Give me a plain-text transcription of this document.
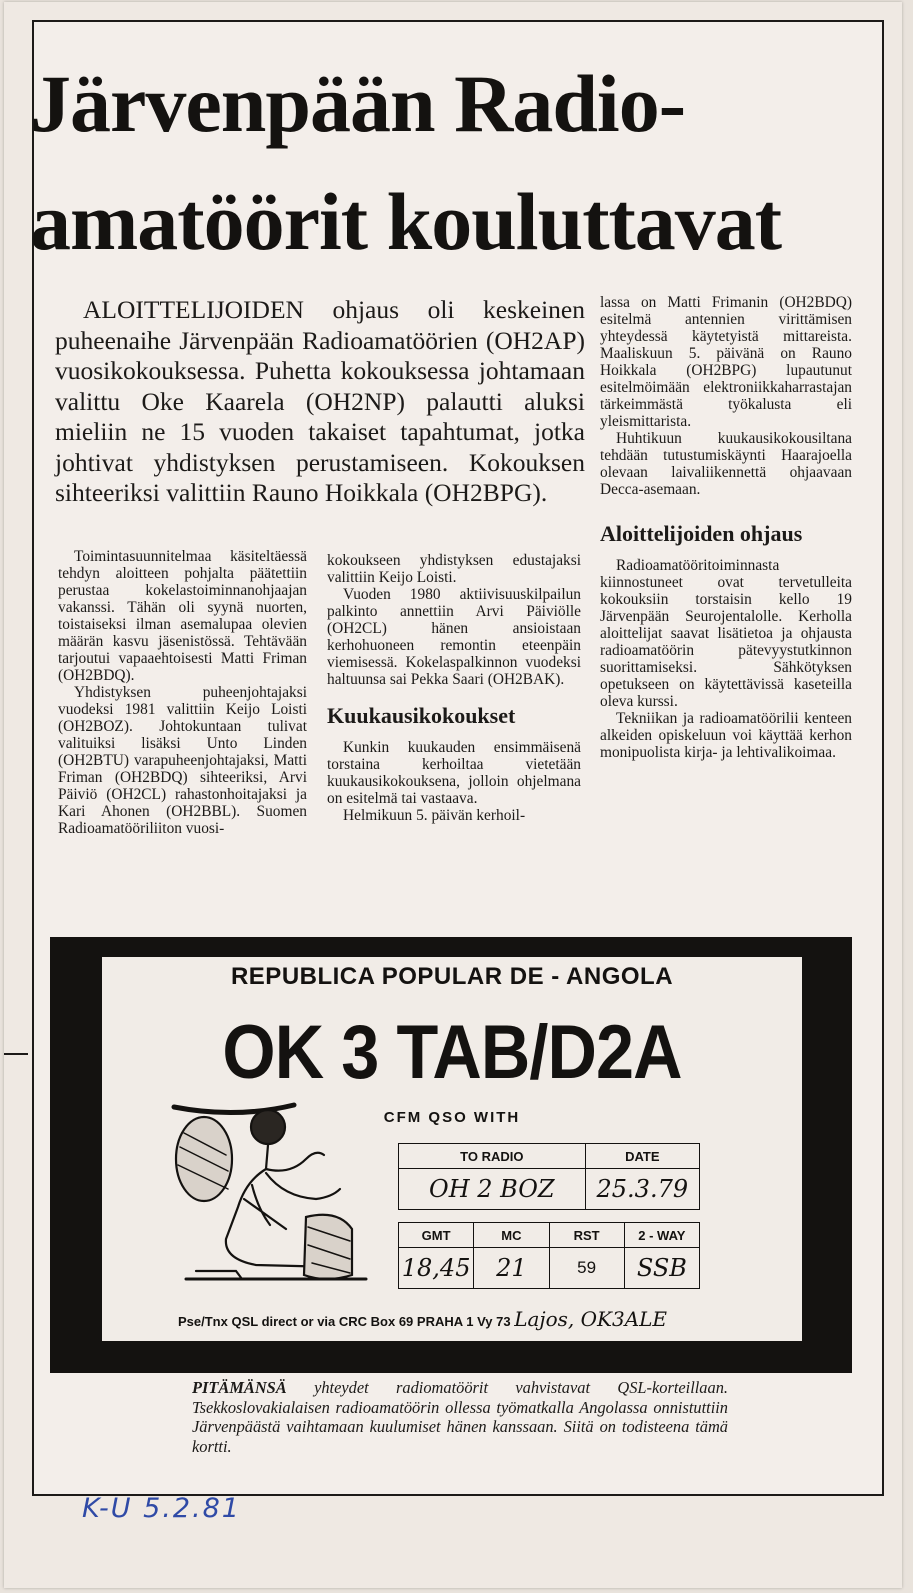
Järvenpään Radio-
amatöörit kouluttavat

ALOITTELIJOIDEN ohjaus oli keskeinen puheenaihe Järvenpään Radioamatöörien (OH2AP) vuosikokouksessa. Puhetta kokouksessa johtamaan valittu Oke Kaarela (OH2NP) palautti aluksi mieliin ne 15 vuoden takaiset tapahtumat, jotka johtivat yhdistyksen perustamiseen. Kokouksen sihteeriksi valittiin Rauno Hoikkala (OH2BPG).

Toimintasuunnitelmaa käsiteltäessä tehdyn aloitteen pohjalta päätettiin perustaa kokelastoiminnanohjaajan vakanssi. Tähän oli syynä nuorten, toistaiseksi ilman asemalupaa olevien määrän kasvu jäsenistössä. Tehtävään tarjoutui vapaaehtoisesti Matti Friman (OH2BDQ).

Yhdistyksen puheenjohtajaksi vuodeksi 1981 valittiin Keijo Loisti (OH2BOZ). Johtokuntaan tulivat valituiksi lisäksi Unto Linden (OH2BTU) varapuheenjohtajaksi, Matti Friman (OH2BDQ) sihteeriksi, Arvi Päiviö (OH2CL) rahastonhoitajaksi ja Kari Ahonen (OH2BBL). Suomen Radioamatööriliiton vuosi-

kokoukseen yhdistyksen edustajaksi valittiin Keijo Loisti.

Vuoden 1980 aktiivisuuskilpailun palkinto annettiin Arvi Päiviölle (OH2CL) hänen ansioistaan kerhohuoneen remontin eteenpäin viemisessä. Kokelaspalkinnon vuodeksi haltuunsa sai Pekka Saari (OH2BAK).

Kuukausikokoukset

Kunkin kuukauden ensimmäisenä torstaina kerhoiltaa vietetään kuukausikokouksena, jolloin ohjelmana on esitelmä tai vastaava.

Helmikuun 5. päivän kerhoil-

lassa on Matti Frimanin (OH2BDQ) esitelmä antennien virittämisen yhteydessä käytetyistä mittareista. Maaliskuun 5. päivänä on Rauno Hoikkala (OH2BPG) lupautunut esitelmöimään elektroniikkaharrastajan tärkeimmästä työkalusta eli yleismittarista.

Huhtikuun kuukausikokousiltana tehdään tutustumiskäynti Haarajoella olevaan laivaliikennettä ohjaavaan Decca-asemaan.

Aloittelijoiden ohjaus

Radioamatööritoiminnasta kiinnostuneet ovat tervetulleita kokouksiin torstaisin kello 19 Järvenpään Seurojentalolle. Kerholla aloittelijat saavat lisätietoa ja ohjausta radioamatöörin pätevyystutkinnon suorittamiseksi. Sähkötyksen opetukseen on käytettävissä kaseteilla oleva kurssi.

Tekniikan ja radioamatöörilii kenteen alkeiden opiskeluun voi käyttää kerhon monipuolista kirja- ja lehtivalikoimaa.

REPUBLICA POPULAR DE - ANGOLA
OK 3 TAB/D2A
CFM QSO WITH
TO RADIO	DATE
OH 2 BOZ	25.3.79
GMT	MC	RST	2 - WAY
18,45	21	59	SSB
Pse/Tnx QSL direct or via CRC Box 69 PRAHA 1 Vy 73 Lajos, OK3ALE
PITÄMÄNSÄ yhteydet radiomatöörit vahvistavat QSL-korteillaan. Tsekkoslovakialaisen radioamatöörin ollessa työmatkalla Angolassa onnistuttiin Järvenpäästä vaihtamaan kuulumiset hänen kanssaan. Siitä on todisteena tämä kortti.
K-U 5.2.81
